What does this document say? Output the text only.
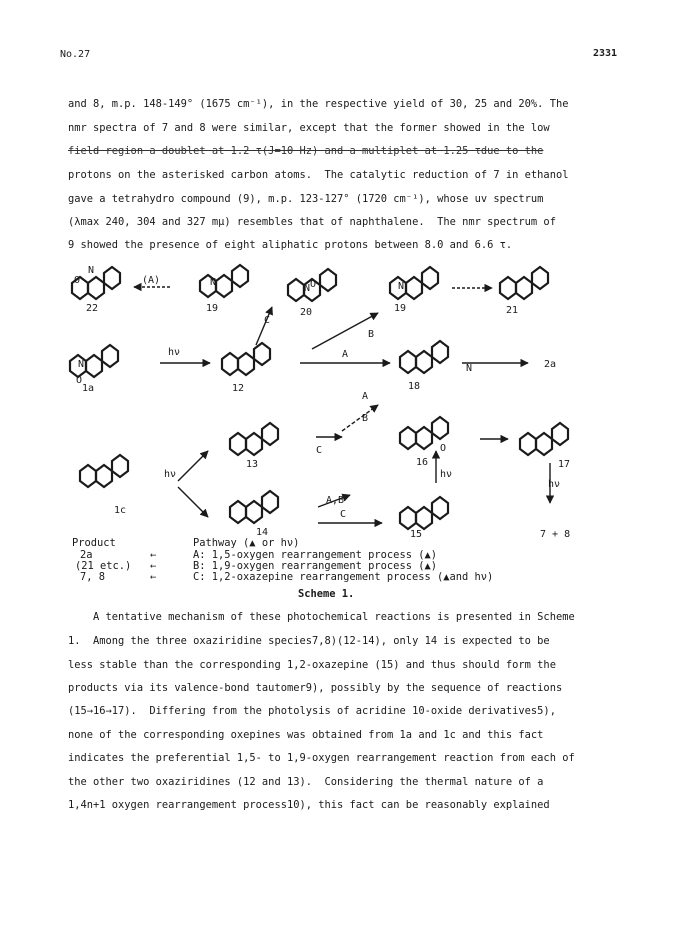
No.27	2331
and 8, m.p. 148-149° (1675 cm⁻¹), in the respective yield of 30, 25 and 20%. The
nmr spectra of 7 and 8 were similar, except that the former showed in the low
field region a doublet at 1.2 τ(J=10 Hz) and a multiplet at 1.25 τdue to the
protons on the asterisked carbon atoms.  The catalytic reduction of 7 in ethanol
gave a tetrahydro compound (9), m.p. 123-127° (1720 cm⁻¹), whose uv spectrum
(λmax 240, 304 and 327 mμ) resembles that of naphthalene.  The nmr spectrum of
9 showed the presence of eight aliphatic protons between 8.0 and 6.6 τ.
22	19	20	19	21
1a	12	18
2a
13	16	17
1c
14	15	7 + 8
(A)
C
B
A
hν
A
B
C
hν
A,B
C
hν
hν
N
O	N
N O	N
N
O
N
O
Product	Pathway (▲ or hν)
2a	←	A: 1,5-oxygen rearrangement process (▲)
(21 etc.) ←	B: 1,9-oxygen rearrangement process (▲)
7, 8	←	C: 1,2-oxazepine rearrangement process (▲and hν)
Scheme 1.
A tentative mechanism of these photochemical reactions is presented in Scheme
1.  Among the three oxaziridine species7,8)(12-14), only 14 is expected to be
less stable than the corresponding 1,2-oxazepine (15) and thus should form the
products via its valence-bond tautomer9), possibly by the sequence of reactions
(15→16→17).  Differing from the photolysis of acridine 10-oxide derivatives5),
none of the corresponding oxepines was obtained from 1a and 1c and this fact
indicates the preferential 1,5- to 1,9-oxygen rearrangement reaction from each of
the other two oxaziridines (12 and 13).  Considering the thermal nature of a
1,4n+1 oxygen rearrangement process10), this fact can be reasonably explained
